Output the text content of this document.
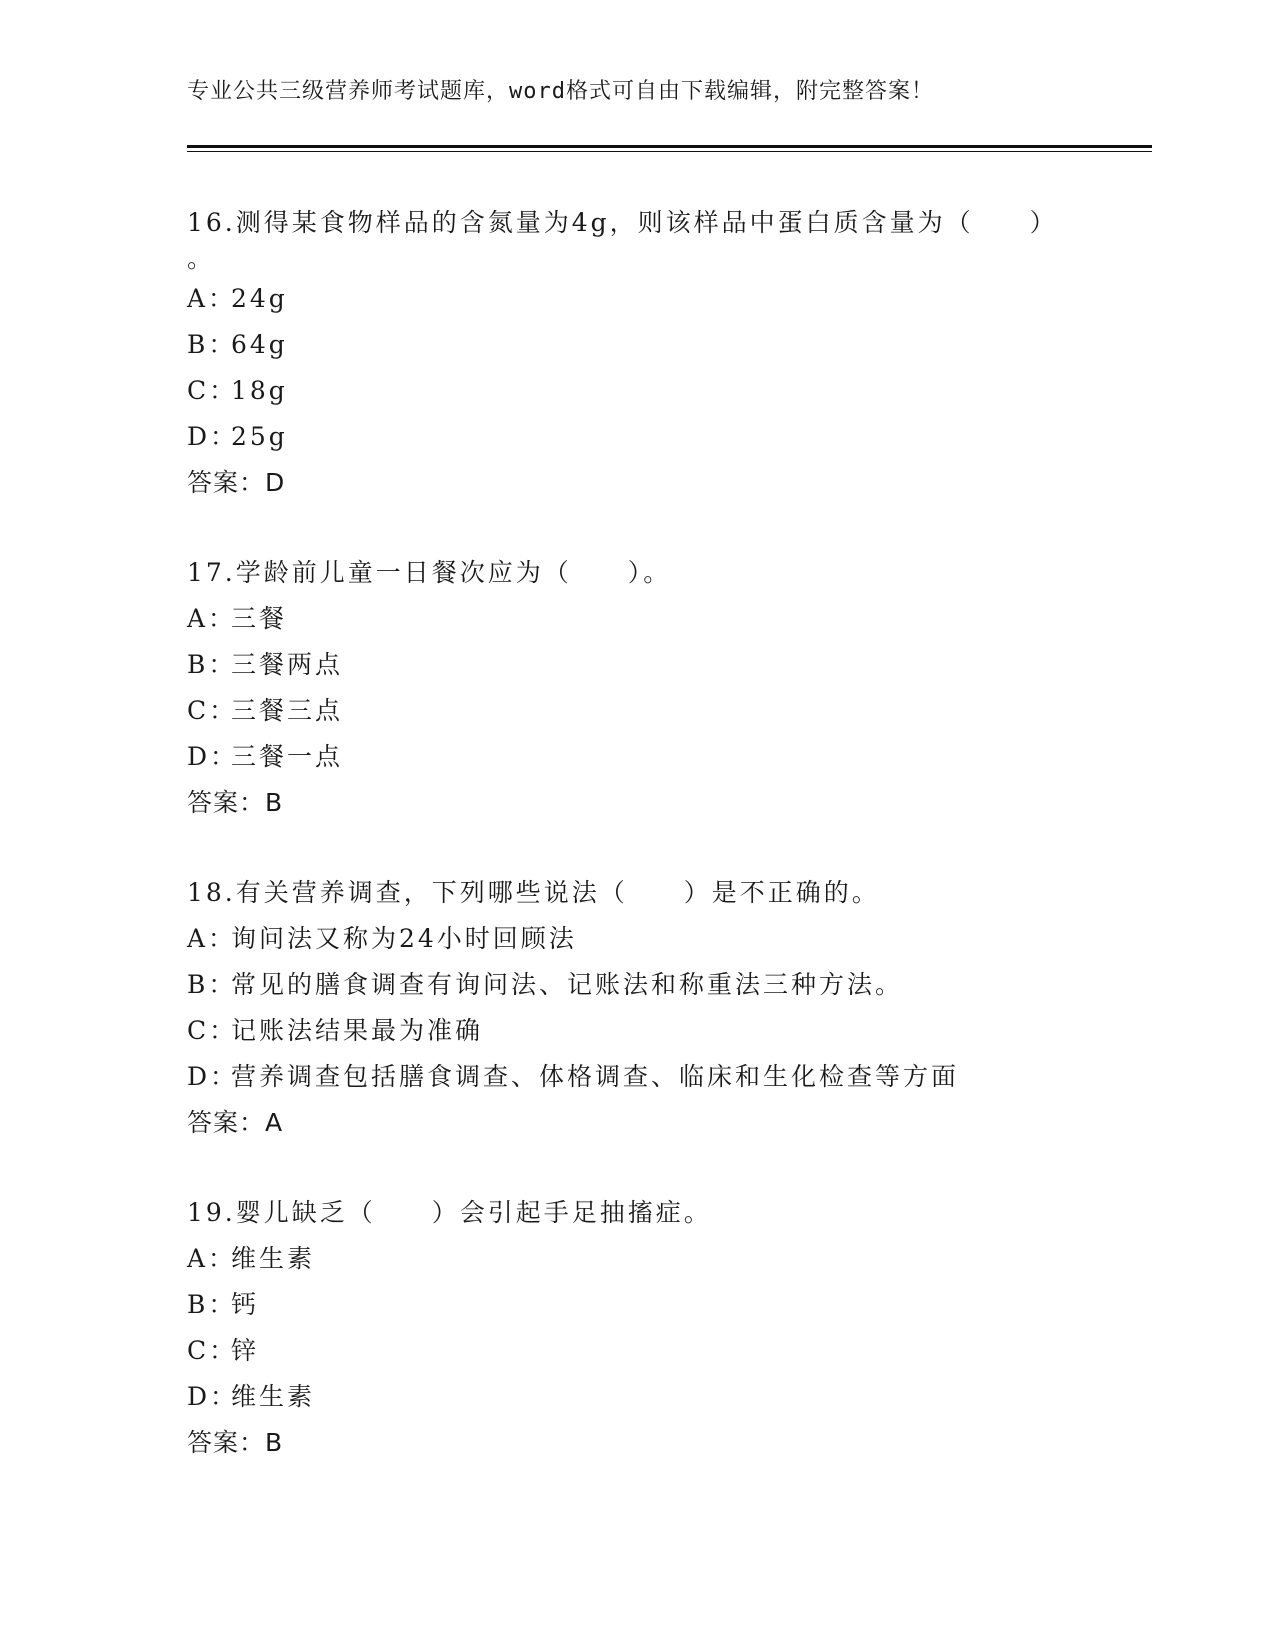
专业公共三级营养师考试题库，word格式可自由下载编辑，附完整答案！
16.测得某食物样品的含氮量为4g，则该样品中蛋白质含量为（　　）
。
A：24g
B：64g
C：18g
D：25g
答案：D
17.学龄前儿童一日餐次应为（　　）。
A：三餐
B：三餐两点
C：三餐三点
D：三餐一点
答案：B
18.有关营养调查，下列哪些说法（　　）是不正确的。
A：询问法又称为24小时回顾法
B：常见的膳食调查有询问法、记账法和称重法三种方法。
C：记账法结果最为准确
D：营养调查包括膳食调查、体格调查、临床和生化检查等方面
答案：A
19.婴儿缺乏（　　）会引起手足抽搐症。
A：维生素
B：钙
C：锌
D：维生素
答案：B
